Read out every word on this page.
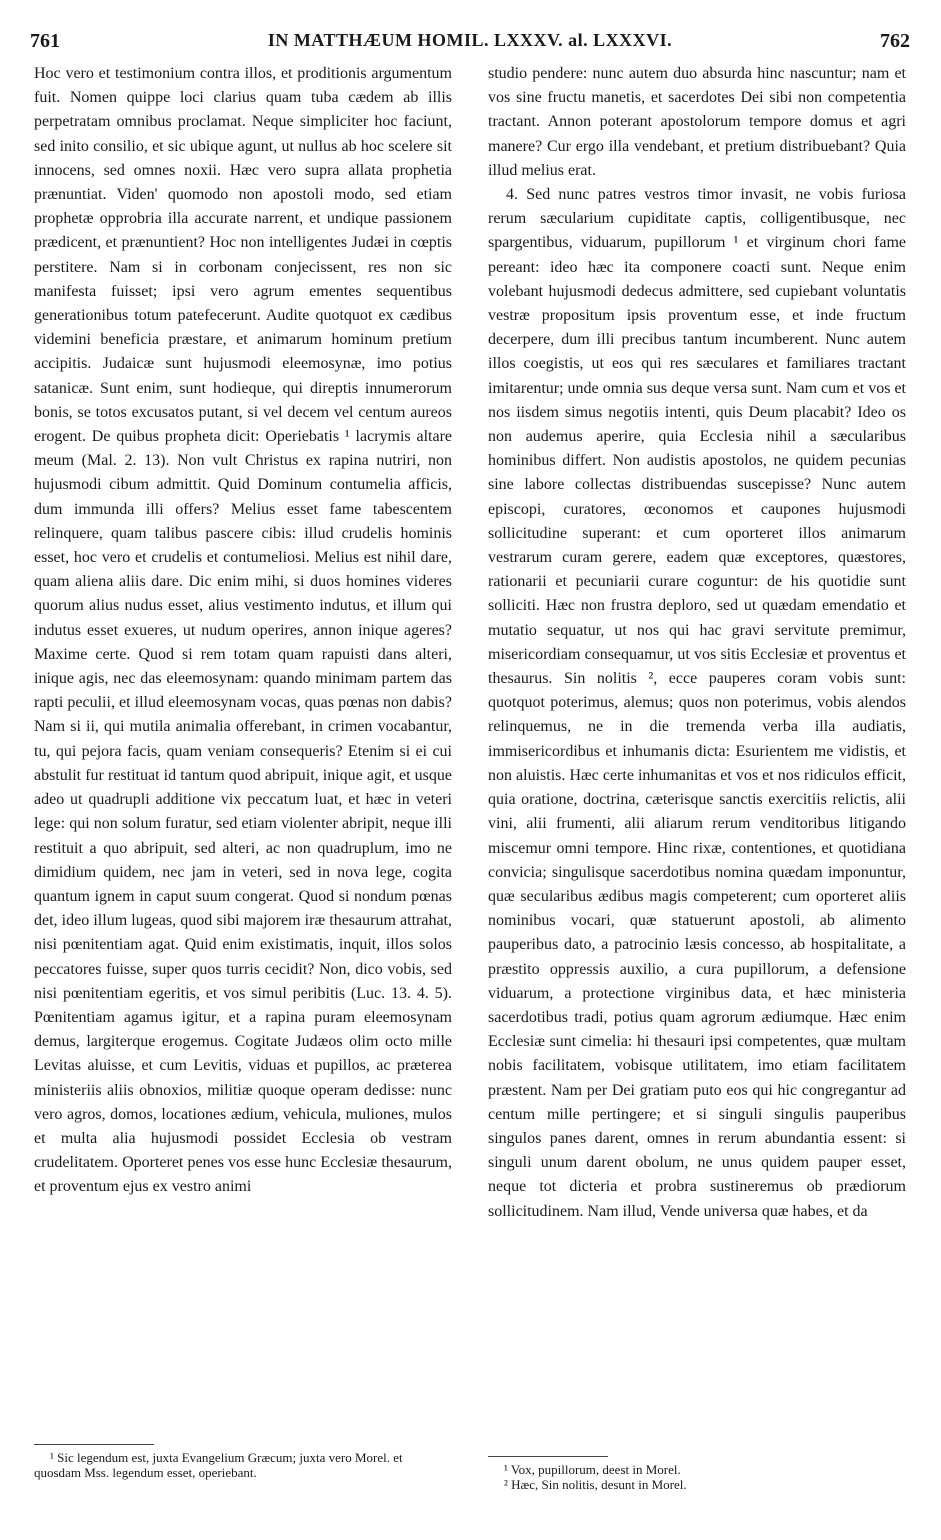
761	IN MATTHÆUM HOMIL. LXXXV. al. LXXXVI.	762

Hoc vero et testimonium contra illos, et proditionis argumentum fuit. Nomen quippe loci clarius quam tuba cædem ab illis perpetratam omnibus proclamat. Neque simpliciter hoc faciunt, sed inito consilio, et sic ubique agunt, ut nullus ab hoc scelere sit innocens, sed omnes noxii. Hæc vero supra allata prophetia prænuntiat. Viden' quomodo non apostoli modo, sed etiam prophetæ opprobria illa accurate narrent, et undique passionem prædicent, et prænuntient? Hoc non intelligentes Judæi in cœptis perstitere. Nam si in corbonam conjecissent, res non sic manifesta fuisset; ipsi vero agrum ementes sequentibus generationibus totum patefecerunt. Audite quotquot ex cædibus videmini beneficia præstare, et animarum hominum pretium accipitis. Judaicæ sunt hujusmodi eleemosynæ, imo potius satanicæ. Sunt enim, sunt hodieque, qui direptis innumerorum bonis, se totos excusatos putant, si vel decem vel centum aureos erogent. De quibus propheta dicit: Operiebatis ¹ lacrymis altare meum (Mal. 2. 13). Non vult Christus ex rapina nutriri, non hujusmodi cibum admittit. Quid Dominum contumelia afficis, dum immunda illi offers? Melius esset fame tabescentem relinquere, quam talibus pascere cibis: illud crudelis hominis esset, hoc vero et crudelis et contumeliosi. Melius est nihil dare, quam aliena aliis dare. Dic enim mihi, si duos homines videres quorum alius nudus esset, alius vestimento indutus, et illum qui indutus esset exueres, ut nudum operires, annon inique ageres? Maxime certe. Quod si rem totam quam rapuisti dans alteri, inique agis, nec das eleemosynam: quando minimam partem das rapti peculii, et illud eleemosynam vocas, quas pœnas non dabis? Nam si ii, qui mutila animalia offerebant, in crimen vocabantur, tu, qui pejora facis, quam veniam consequeris? Etenim si ei cui abstulit fur restituat id tantum quod abripuit, inique agit, et usque adeo ut quadrupli additione vix peccatum luat, et hæc in veteri lege: qui non solum furatur, sed etiam violenter abripit, neque illi restituit a quo abripuit, sed alteri, ac non quadruplum, imo ne dimidium quidem, nec jam in veteri, sed in nova lege, cogita quantum ignem in caput suum congerat. Quod si nondum pœnas det, ideo illum lugeas, quod sibi majorem iræ thesaurum attrahat, nisi pœnitentiam agat. Quid enim existimatis, inquit, illos solos peccatores fuisse, super quos turris cecidit? Non, dico vobis, sed nisi pœnitentiam egeritis, et vos simul peribitis (Luc. 13. 4. 5). Pœnitentiam agamus igitur, et a rapina puram eleemosynam demus, largiterque erogemus. Cogitate Judæos olim octo mille Levitas aluisse, et cum Levitis, viduas et pupillos, ac præterea ministeriis aliis obnoxios, militiæ quoque operam dedisse: nunc vero agros, domos, locationes ædium, vehicula, muliones, mulos et multa alia hujusmodi possidet Ecclesia ob vestram crudelitatem. Oporteret penes vos esse hunc Ecclesiæ thesaurum, et proventum ejus ex vestro animi

studio pendere: nunc autem duo absurda hinc nascuntur; nam et vos sine fructu manetis, et sacerdotes Dei sibi non competentia tractant. Annon poterant apostolorum tempore domus et agri manere? Cur ergo illa vendebant, et pretium distribuebant? Quia illud melius erat.

4. Sed nunc patres vestros timor invasit, ne vobis furiosa rerum sæcularium cupiditate captis, colligentibusque, nec spargentibus, viduarum, pupillorum ¹ et virginum chori fame pereant: ideo hæc ita componere coacti sunt. Neque enim volebant hujusmodi dedecus admittere, sed cupiebant voluntatis vestræ propositum ipsis proventum esse, et inde fructum decerpere, dum illi precibus tantum incumberent. Nunc autem illos coegistis, ut eos qui res sæculares et familiares tractant imitarentur; unde omnia sus deque versa sunt. Nam cum et vos et nos iisdem simus negotiis intenti, quis Deum placabit? Ideo os non audemus aperire, quia Ecclesia nihil a sæcularibus hominibus differt. Non audistis apostolos, ne quidem pecunias sine labore collectas distribuendas suscepisse? Nunc autem episcopi, curatores, œconomos et caupones hujusmodi sollicitudine superant: et cum oporteret illos animarum vestrarum curam gerere, eadem quæ exceptores, quæstores, rationarii et pecuniarii curare coguntur: de his quotidie sunt solliciti. Hæc non frustra deploro, sed ut quædam emendatio et mutatio sequatur, ut nos qui hac gravi servitute premimur, misericordiam consequamur, ut vos sitis Ecclesiæ et proventus et thesaurus. Sin nolitis ², ecce pauperes coram vobis sunt: quotquot poterimus, alemus; quos non poterimus, vobis alendos relinquemus, ne in die tremenda verba illa audiatis, immisericordibus et inhumanis dicta: Esurientem me vidistis, et non aluistis. Hæc certe inhumanitas et vos et nos ridiculos efficit, quia oratione, doctrina, cæterisque sanctis exercitiis relictis, alii vini, alii frumenti, alii aliarum rerum venditoribus litigando miscemur omni tempore. Hinc rixæ, contentiones, et quotidiana convicia; singulisque sacerdotibus nomina quædam imponuntur, quæ secularibus ædibus magis competerent; cum oporteret aliis nominibus vocari, quæ statuerunt apostoli, ab alimento pauperibus dato, a patrocinio læsis concesso, ab hospitalitate, a præstito oppressis auxilio, a cura pupillorum, a defensione viduarum, a protectione virginibus data, et hæc ministeria sacerdotibus tradi, potius quam agrorum ædiumque. Hæc enim Ecclesiæ sunt cimelia: hi thesauri ipsi competentes, quæ multam nobis facilitatem, vobisque utilitatem, imo etiam facilitatem præstent. Nam per Dei gratiam puto eos qui hic congregantur ad centum mille pertingere; et si singuli singulis pauperibus singulos panes darent, omnes in rerum abundantia essent: si singuli unum darent obolum, ne unus quidem pauper esset, neque tot dicteria et probra sustineremus ob prædiorum sollicitudinem. Nam illud, Vende universa quæ habes, et da

¹ Sic legendum est, juxta Evangelium Græcum; juxta vero Morel. et quosdam Mss. legendum esset, operiebant.	¹ Vox, pupillorum, deest in Morel.

² Hæc, Sin nolitis, desunt in Morel.
